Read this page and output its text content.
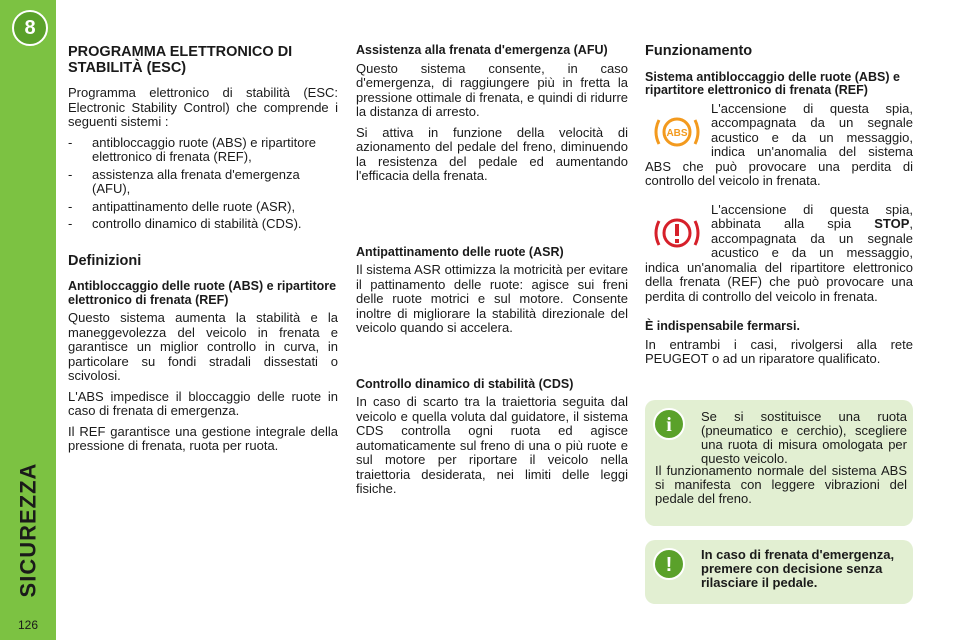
8
SICUREZZA
126
PROGRAMMA ELETTRONICO DI STABILITÀ (ESC)

Programma elettronico di stabilità (ESC: Electronic Stability Control) che comprende i seguenti sistemi :

- antibloccaggio ruote (ABS) e ripartitore elettronico di frenata (REF),
- assistenza alla frenata d'emergenza (AFU),
- antipattinamento delle ruote (ASR),
- controllo dinamico di stabilità (CDS).
Definizioni
Antibloccaggio delle ruote (ABS) e ripartitore elettronico di frenata (REF)

Questo sistema aumenta la stabilità e la maneggevolezza del veicolo in frenata e garantisce un miglior controllo in curva, in particolare su fondi stradali dissestati o scivolosi.

L'ABS impedisce il bloccaggio delle ruote in caso di frenata di emergenza.

Il REF garantisce una gestione integrale della pressione di frenata, ruota per ruota.

Assistenza alla frenata d'emergenza (AFU)

Questo sistema consente, in caso d'emergenza, di raggiungere più in fretta la pressione ottimale di frenata, e quindi di ridurre la distanza di arresto.

Si attiva in funzione della velocità di azionamento del pedale del freno, diminuendo la resistenza del pedale ed aumentando l'efficacia della frenata.

Antipattinamento delle ruote (ASR)

Il sistema ASR ottimizza la motricità per evitare il pattinamento delle ruote: agisce sui freni delle ruote motrici e sul motore. Consente inoltre di migliorare la stabilità direzionale del veicolo quando si accelera.

Controllo dinamico di stabilità (CDS)

In caso di scarto tra la traiettoria seguita dal veicolo e quella voluta dal guidatore, il sistema CDS controlla ogni ruota ed agisce automaticamente sul freno di una o più ruote e sul motore per riportare il veicolo nella traiettoria desiderata, nei limiti delle leggi fisiche.

Funzionamento
Sistema antibloccaggio delle ruote (ABS) e ripartitore elettronico di frenata (REF)
ABS

L'accensione di questa spia, accompagnata da un segnale acustico e da un messaggio, indica un'anomalia del sistema ABS che può provocare una perdita di controllo del veicolo in frenata.

L'accensione di questa spia, abbinata alla spia STOP, accompagnata da un segnale acustico e da un messaggio, indica un'anomalia del ripartitore elettronico della frenata (REF) che può provocare una perdita di controllo del veicolo in frenata.

È indispensabile fermarsi.

In entrambi i casi, rivolgersi alla rete PEUGEOT o ad un riparatore qualificato.

i Se si sostituisce una ruota (pneumatico e cerchio), scegliere una ruota di misura omologata per questo veicolo.
Il funzionamento normale del sistema ABS si manifesta con leggere vibrazioni del pedale del freno.
! In caso di frenata d'emergenza, premere con decisione senza rilasciare il pedale.
